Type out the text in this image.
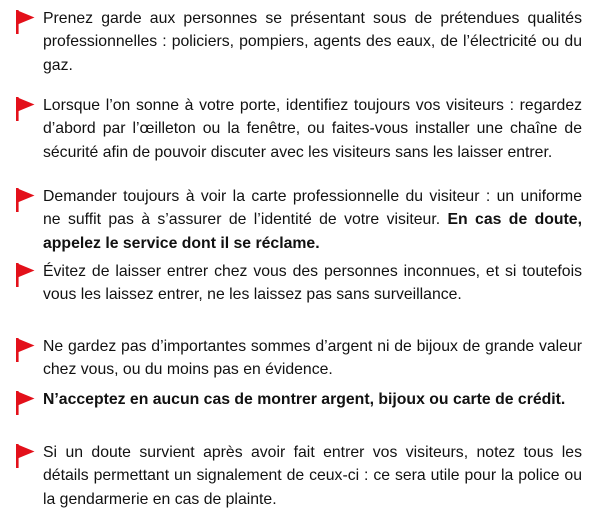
Prenez garde aux personnes se présentant sous de prétendues qualités professionnelles : policiers, pompiers, agents des eaux, de l’électricité ou du gaz.

Lorsque l’on sonne à votre porte, identifiez toujours vos visiteurs : regardez d’abord par l’œilleton ou la fenêtre, ou faites-vous installer une chaîne de sécurité afin de pouvoir discuter avec les visiteurs sans les laisser entrer.

Demander toujours à voir la carte professionnelle du visiteur : un uniforme ne suffit pas à s’assurer de l’identité de votre visiteur. En cas de doute, appelez le service dont il se réclame.

Évitez de laisser entrer chez vous des personnes inconnues, et si toutefois vous les laissez entrer, ne les laissez pas sans surveillance.

Ne gardez pas d’importantes sommes d’argent ni de bijoux de grande valeur chez vous, ou du moins pas en évidence.

N’acceptez en aucun cas de montrer argent, bijoux ou carte de crédit.

Si un doute survient après avoir fait entrer vos visiteurs, notez tous les détails permettant un signalement de ceux-ci : ce sera utile pour la police ou la gendarmerie en cas de plainte.
